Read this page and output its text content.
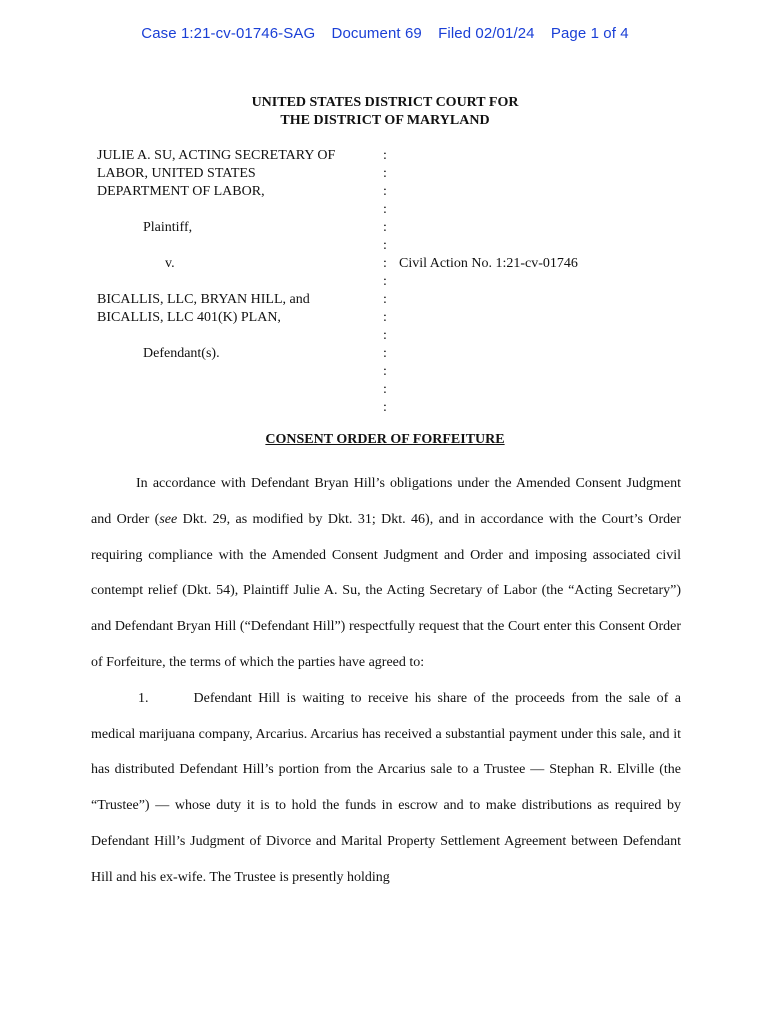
Case 1:21-cv-01746-SAG Document 69 Filed 02/01/24 Page 1 of 4
UNITED STATES DISTRICT COURT FOR
THE DISTRICT OF MARYLAND
JULIE A. SU, ACTING SECRETARY OF
LABOR, UNITED STATES
DEPARTMENT OF LABOR,

Plaintiff,

v.

BICALLIS, LLC, BRYAN HILL, and
BICALLIS, LLC 401(K) PLAN,

Defendant(s).
:
:
:
:
:
:
:
:
:
:
:
:
:
:
:
Civil Action No. 1:21-cv-01746
CONSENT ORDER OF FORFEITURE

In accordance with Defendant Bryan Hill’s obligations under the Amended Consent Judgment and Order (see Dkt. 29, as modified by Dkt. 31; Dkt. 46), and in accordance with the Court’s Order requiring compliance with the Amended Consent Judgment and Order and imposing associated civil contempt relief (Dkt. 54), Plaintiff Julie A. Su, the Acting Secretary of Labor (the “Acting Secretary”) and Defendant Bryan Hill (“Defendant Hill”) respectfully request that the Court enter this Consent Order of Forfeiture, the terms of which the parties have agreed to:

1.	Defendant Hill is waiting to receive his share of the proceeds from the sale of a medical marijuana company, Arcarius. Arcarius has received a substantial payment under this sale, and it has distributed Defendant Hill’s portion from the Arcarius sale to a Trustee — Stephan R. Elville (the “Trustee”) — whose duty it is to hold the funds in escrow and to make distributions as required by Defendant Hill’s Judgment of Divorce and Marital Property Settlement Agreement between Defendant Hill and his ex-wife. The Trustee is presently holding
